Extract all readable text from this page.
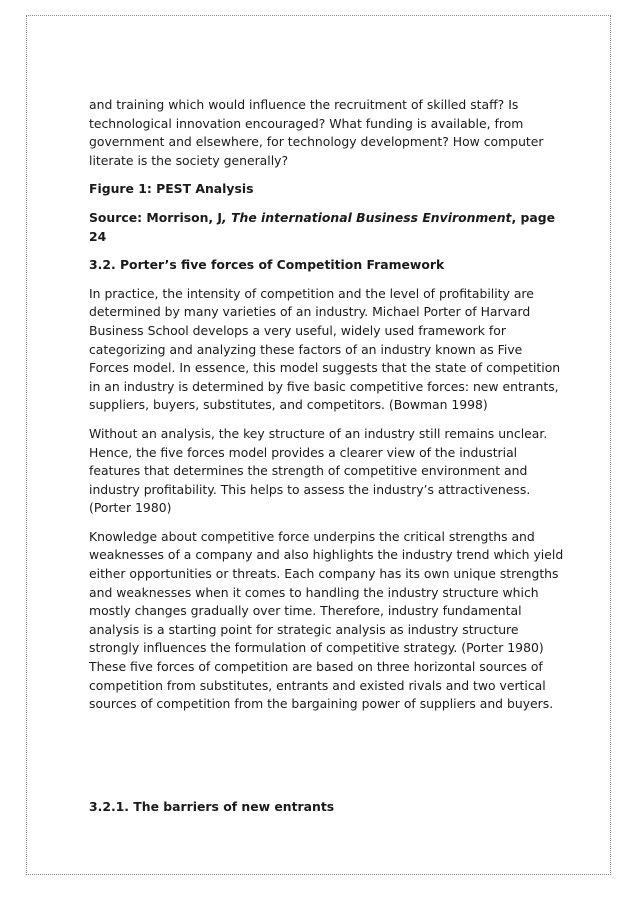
and training which would influence the recruitment of skilled staff? Is technological innovation encouraged? What funding is available, from government and elsewhere, for technology development? How computer literate is the society generally?

Figure 1: PEST Analysis

Source: Morrison, J, The international Business Environment, page 24

3.2. Porter’s five forces of Competition Framework

In practice, the intensity of competition and the level of profitability are determined by many varieties of an industry. Michael Porter of Harvard Business School develops a very useful, widely used framework for categorizing and analyzing these factors of an industry known as Five Forces model. In essence, this model suggests that the state of competition in an industry is determined by five basic competitive forces: new entrants, suppliers, buyers, substitutes, and competitors. (Bowman 1998)

Without an analysis, the key structure of an industry still remains unclear. Hence, the five forces model provides a clearer view of the industrial features that determines the strength of competitive environment and industry profitability. This helps to assess the industry’s attractiveness. (Porter 1980)

Knowledge about competitive force underpins the critical strengths and weaknesses of a company and also highlights the industry trend which yield either opportunities or threats. Each company has its own unique strengths and weaknesses when it comes to handling the industry structure which mostly changes gradually over time. Therefore, industry fundamental analysis is a starting point for strategic analysis as industry structure strongly influences the formulation of competitive strategy. (Porter 1980) These five forces of competition are based on three horizontal sources of competition from substitutes, entrants and existed rivals and two vertical sources of competition from the bargaining power of suppliers and buyers.

3.2.1. The barriers of new entrants
